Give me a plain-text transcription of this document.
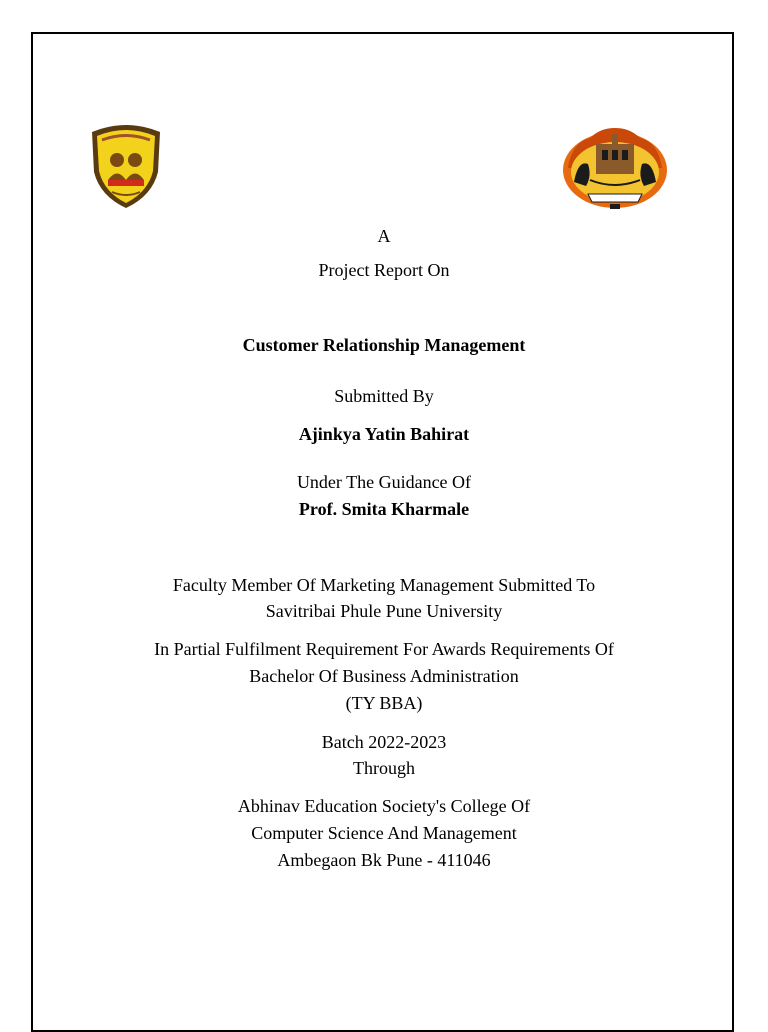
A
Project Report On
Customer Relationship Management
Submitted By
Ajinkya Yatin Bahirat
Under The Guidance Of
Prof. Smita Kharmale
Faculty Member Of Marketing Management Submitted To
Savitribai Phule Pune University
In Partial Fulfilment Requirement For Awards Requirements Of
Bachelor Of Business Administration
(TY BBA)
Batch 2022-2023
Through
Abhinav Education Society's College Of
Computer Science And Management
Ambegaon Bk Pune - 411046
